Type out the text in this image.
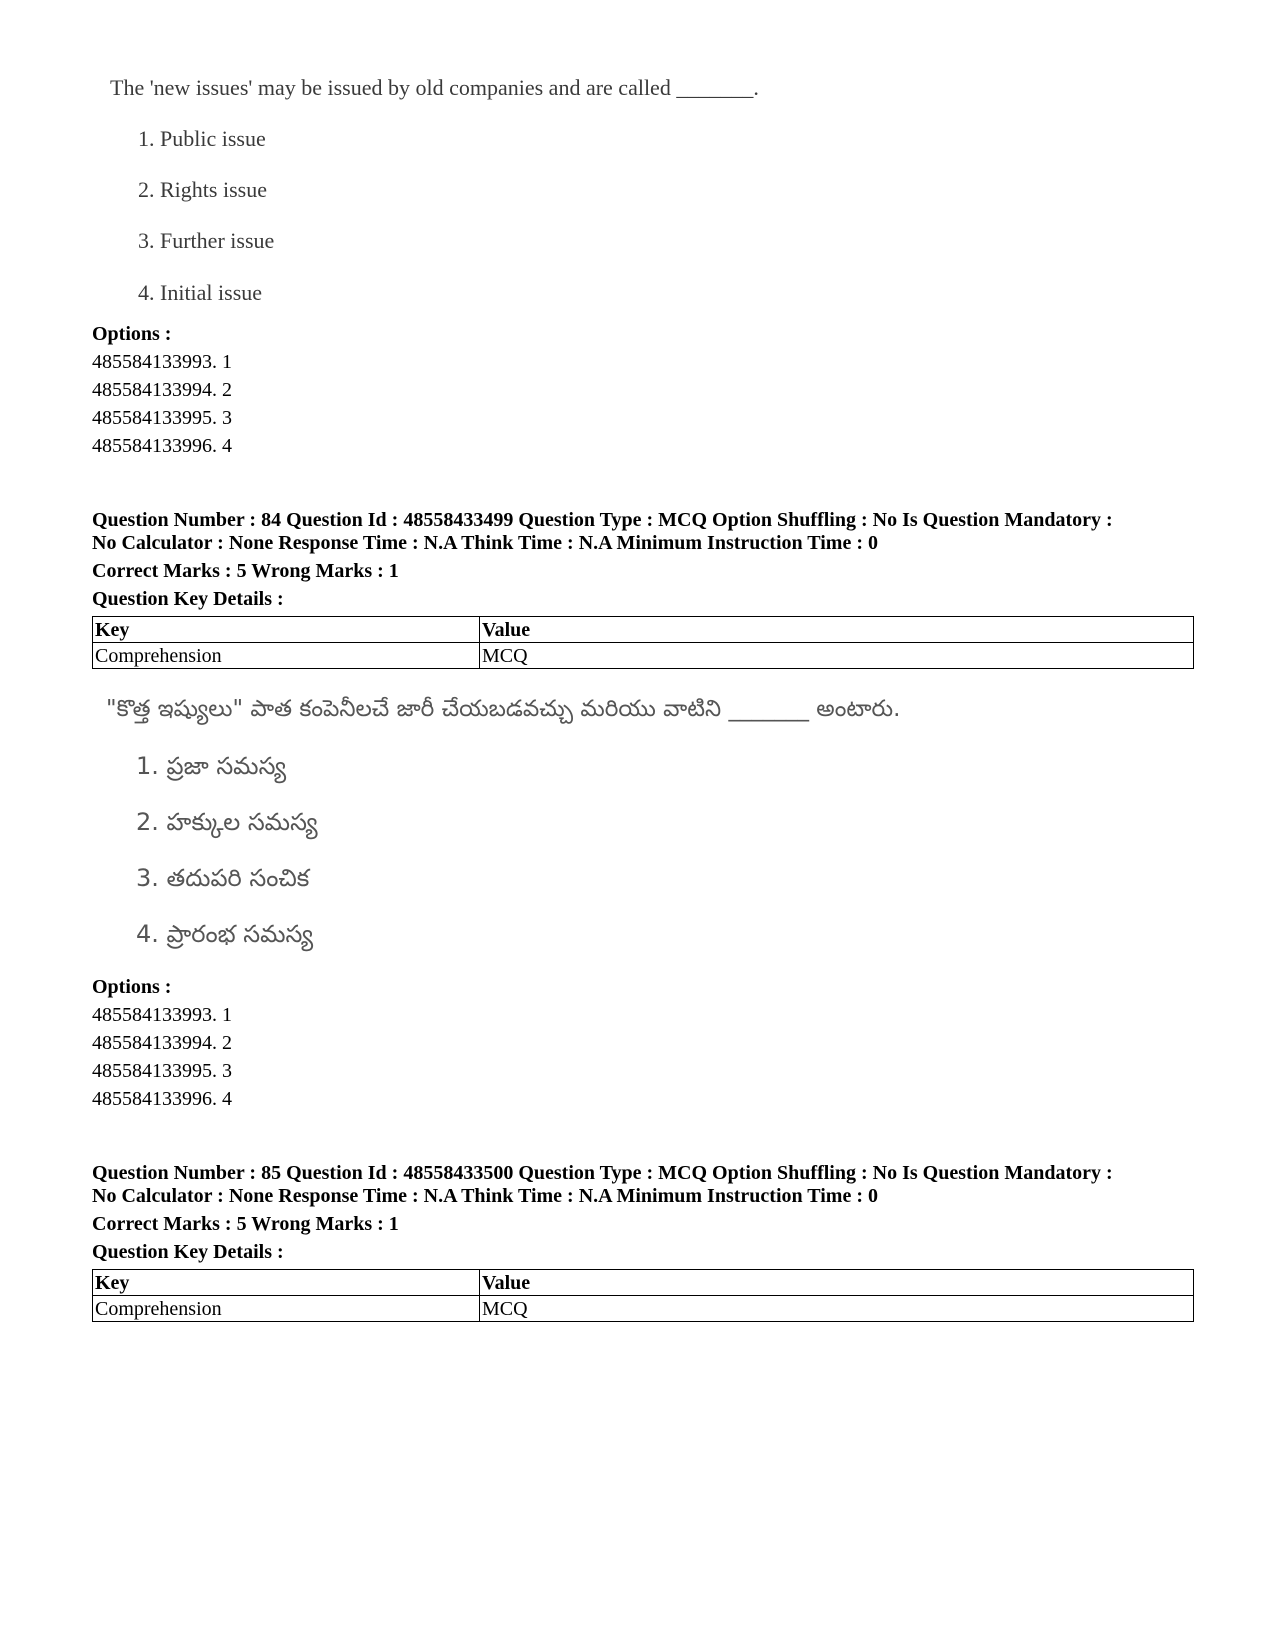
The 'new issues' may be issued by old companies and are called _______.
1. Public issue
2. Rights issue
3. Further issue
4. Initial issue
Options :
485584133993. 1
485584133994. 2
485584133995. 3
485584133996. 4
Question Number : 84 Question Id : 48558433499 Question Type : MCQ Option Shuffling : No Is Question Mandatory :
No Calculator : None Response Time : N.A Think Time : N.A Minimum Instruction Time : 0
Correct Marks : 5 Wrong Marks : 1
Question Key Details :
Key	Value
Comprehension	MCQ
"కొత్త ఇష్యులు" పాత కంపెనీలచే జారీ చేయబడవచ్చు మరియు వాటిని _______ అంటారు.
1. ప్రజా సమస్య
2. హక్కుల సమస్య
3. తదుపరి సంచిక
4. ప్రారంభ సమస్య
Options :
485584133993. 1
485584133994. 2
485584133995. 3
485584133996. 4
Question Number : 85 Question Id : 48558433500 Question Type : MCQ Option Shuffling : No Is Question Mandatory :
No Calculator : None Response Time : N.A Think Time : N.A Minimum Instruction Time : 0
Correct Marks : 5 Wrong Marks : 1
Question Key Details :
Key	Value
Comprehension	MCQ
